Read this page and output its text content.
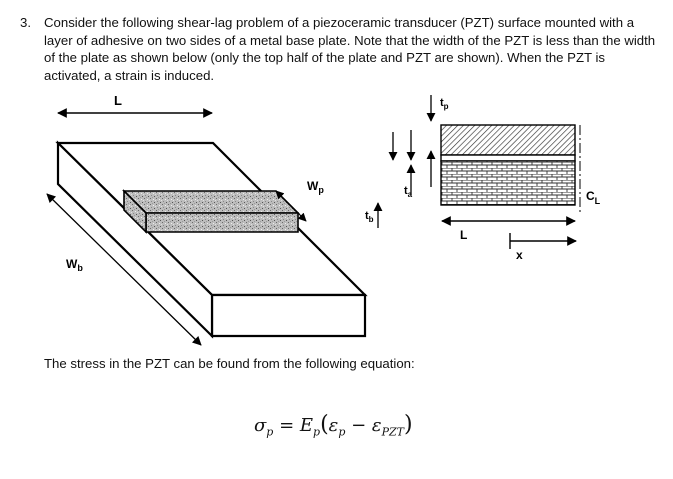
3. Consider the following shear-lag problem of a piezoceramic transducer (PZT) surface mounted with a layer of adhesive on two sides of a metal base plate. Note that the width of the PZT is less than the width of the plate as shown below (only the top half of the plate and PZT are shown). When the PZT is activated, a strain is induced.
L
$W_p$
$W_b$
$t_b$
$t_p$
$t_a$	$C_L$
L
x
The stress in the PZT can be found from the following equation:
$\sigma_p = E_p(\varepsilon_p - \varepsilon_{PZT})$
